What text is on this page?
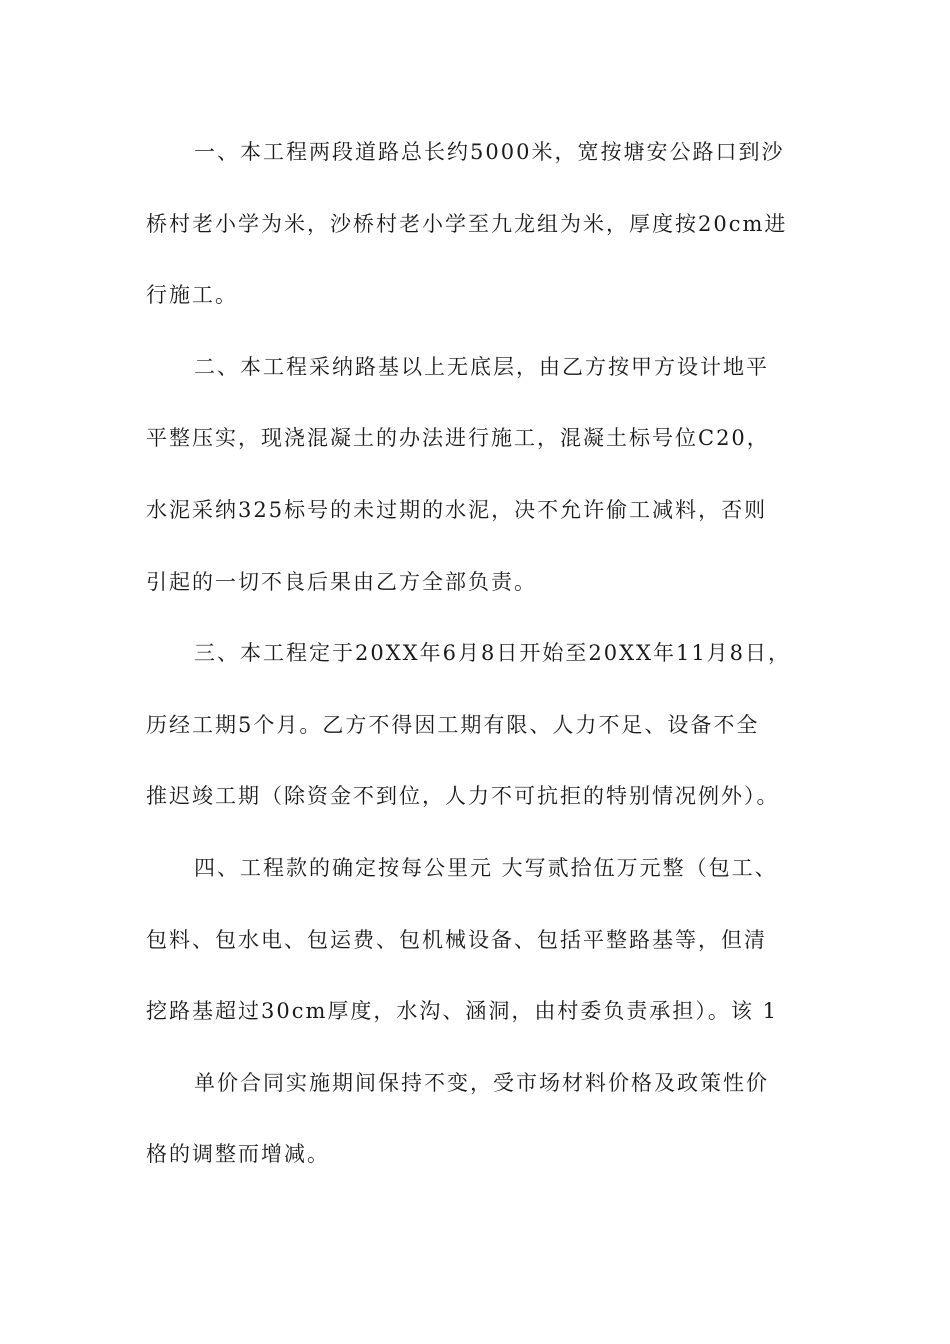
一、本工程两段道路总长约5000米，宽按塘安公路口到沙
桥村老小学为米，沙桥村老小学至九龙组为米，厚度按20cm进
行施工。
二、本工程采纳路基以上无底层，由乙方按甲方设计地平
平整压实，现浇混凝土的办法进行施工，混凝土标号位C20，
水泥采纳325标号的未过期的水泥，决不允许偷工减料，否则
引起的一切不良后果由乙方全部负责。
三、本工程定于20XX年6月8日开始至20XX年11月8日，
历经工期5个月。乙方不得因工期有限、人力不足、设备不全
推迟竣工期（除资金不到位，人力不可抗拒的特别情况例外）。
四、工程款的确定按每公里元 大写贰拾伍万元整（包工、
包料、包水电、包运费、包机械设备、包括平整路基等，但清
挖路基超过30cm厚度，水沟、涵洞，由村委负责承担）。该 1
单价合同实施期间保持不变，受市场材料价格及政策性价
格的调整而增减。
